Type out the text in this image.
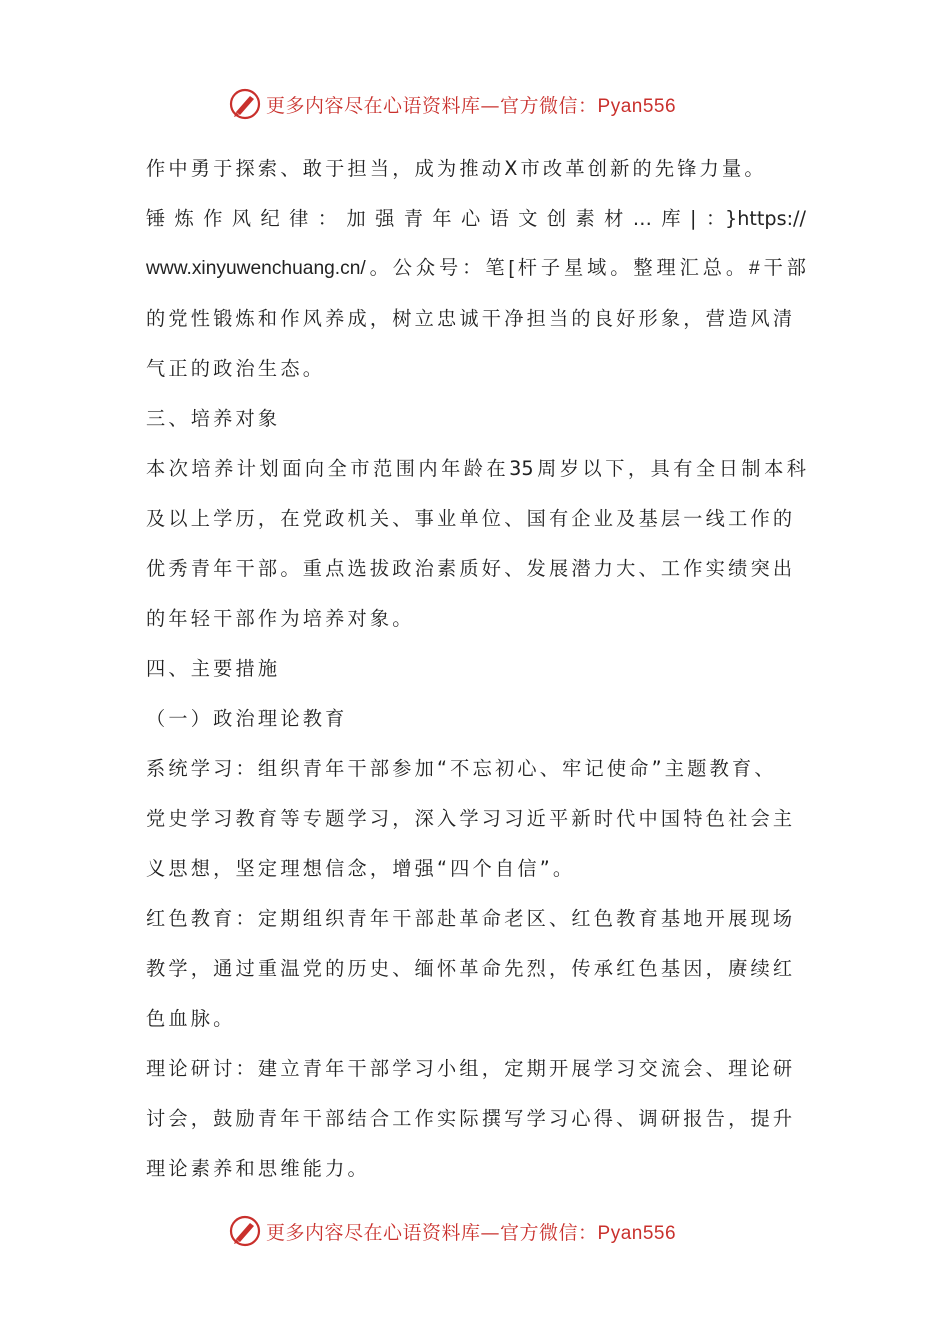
更多内容尽在心语资料库—官方微信：Pyan556
作中勇于探索、敢于担当，成为推动X市改革创新的先锋力量。
锤炼作风纪律：加强青年心语文创素材…库|：}https://
www.xinyuwenchuang.cn/。公众号：笔[杆子星域。整理汇总。#干部
的党性锻炼和作风养成，树立忠诚干净担当的良好形象，营造风清
气正的政治生态。
三、培养对象
本次培养计划面向全市范围内年龄在35周岁以下，具有全日制本科
及以上学历，在党政机关、事业单位、国有企业及基层一线工作的
优秀青年干部。重点选拔政治素质好、发展潜力大、工作实绩突出
的年轻干部作为培养对象。
四、主要措施
（一）政治理论教育
系统学习：组织青年干部参加“不忘初心、牢记使命”主题教育、
党史学习教育等专题学习，深入学习习近平新时代中国特色社会主
义思想，坚定理想信念，增强“四个自信”。
红色教育：定期组织青年干部赴革命老区、红色教育基地开展现场
教学，通过重温党的历史、缅怀革命先烈，传承红色基因，赓续红
色血脉。
理论研讨：建立青年干部学习小组，定期开展学习交流会、理论研
讨会，鼓励青年干部结合工作实际撰写学习心得、调研报告，提升
理论素养和思维能力。
更多内容尽在心语资料库—官方微信：Pyan556
